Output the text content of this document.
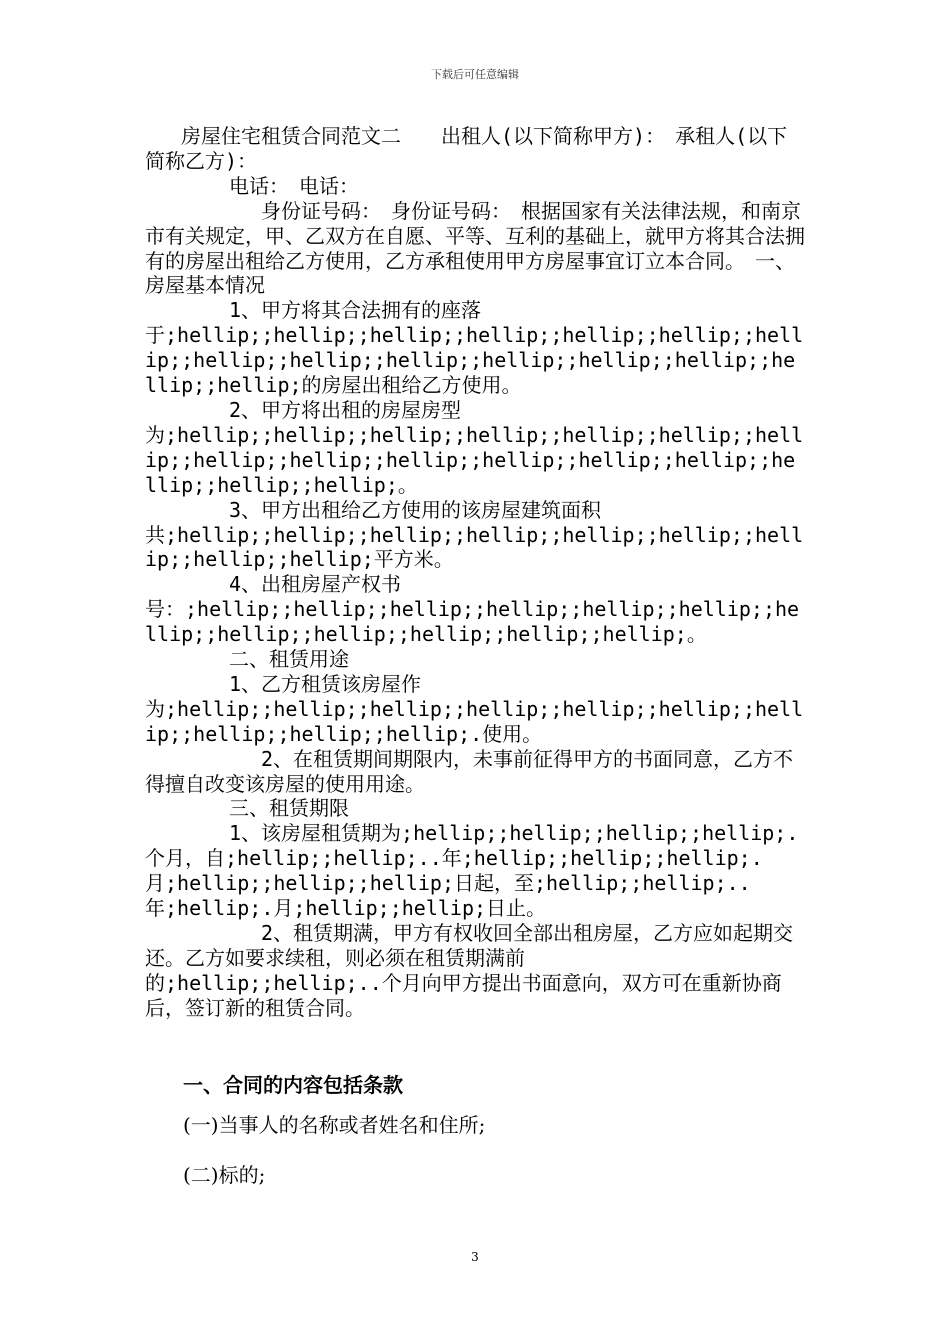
下载后可任意编辑

房屋住宅租赁合同范文二　　出租人(以下简称甲方)：　承租人(以下简称乙方)：

电话：　电话：

　　　　身份证号码：　身份证号码：　根据国家有关法律法规，和南京市有关规定，甲、乙双方在自愿、平等、互利的基础上，就甲方将其合法拥有的房屋出租给乙方使用，乙方承租使用甲方房屋事宜订立本合同。　一、房屋基本情况

1、甲方将其合法拥有的座落

于;hellip;;hellip;;hellip;;hellip;;hellip;;hellip;;hellip;;hellip;;hellip;;hellip;;hellip;;hellip;;hellip;;hellip;;hellip;的房屋出租给乙方使用。

2、甲方将出租的房屋房型

为;hellip;;hellip;;hellip;;hellip;;hellip;;hellip;;hellip;;hellip;;hellip;;hellip;;hellip;;hellip;;hellip;;hellip;;hellip;;hellip;。

3、甲方出租给乙方使用的该房屋建筑面积

共;hellip;;hellip;;hellip;;hellip;;hellip;;hellip;;hellip;;hellip;;hellip;平方米。

4、出租房屋产权书

号：;hellip;;hellip;;hellip;;hellip;;hellip;;hellip;;hellip;;hellip;;hellip;;hellip;;hellip;;hellip;。

二、租赁用途

1、乙方租赁该房屋作

为;hellip;;hellip;;hellip;;hellip;;hellip;;hellip;;hellip;;hellip;;hellip;;hellip;.使用。

　　　　2、在租赁期间期限内，未事前征得甲方的书面同意，乙方不得擅自改变该房屋的使用用途。

三、租赁期限

1、该房屋租赁期为;hellip;;hellip;;hellip;;hellip;.

个月，自;hellip;;hellip;..年;hellip;;hellip;;hellip;.

月;hellip;;hellip;;hellip;日起，至;hellip;;hellip;..

年;hellip;.月;hellip;;hellip;日止。

　　　　2、租赁期满，甲方有权收回全部出租房屋，乙方应如起期交还。乙方如要求续租，则必须在租赁期满前

的;hellip;;hellip;..个月向甲方提出书面意向，双方可在重新协商后，签订新的租赁合同。

一、合同的内容包括条款
(一)当事人的名称或者姓名和住所;
(二)标的;
3
